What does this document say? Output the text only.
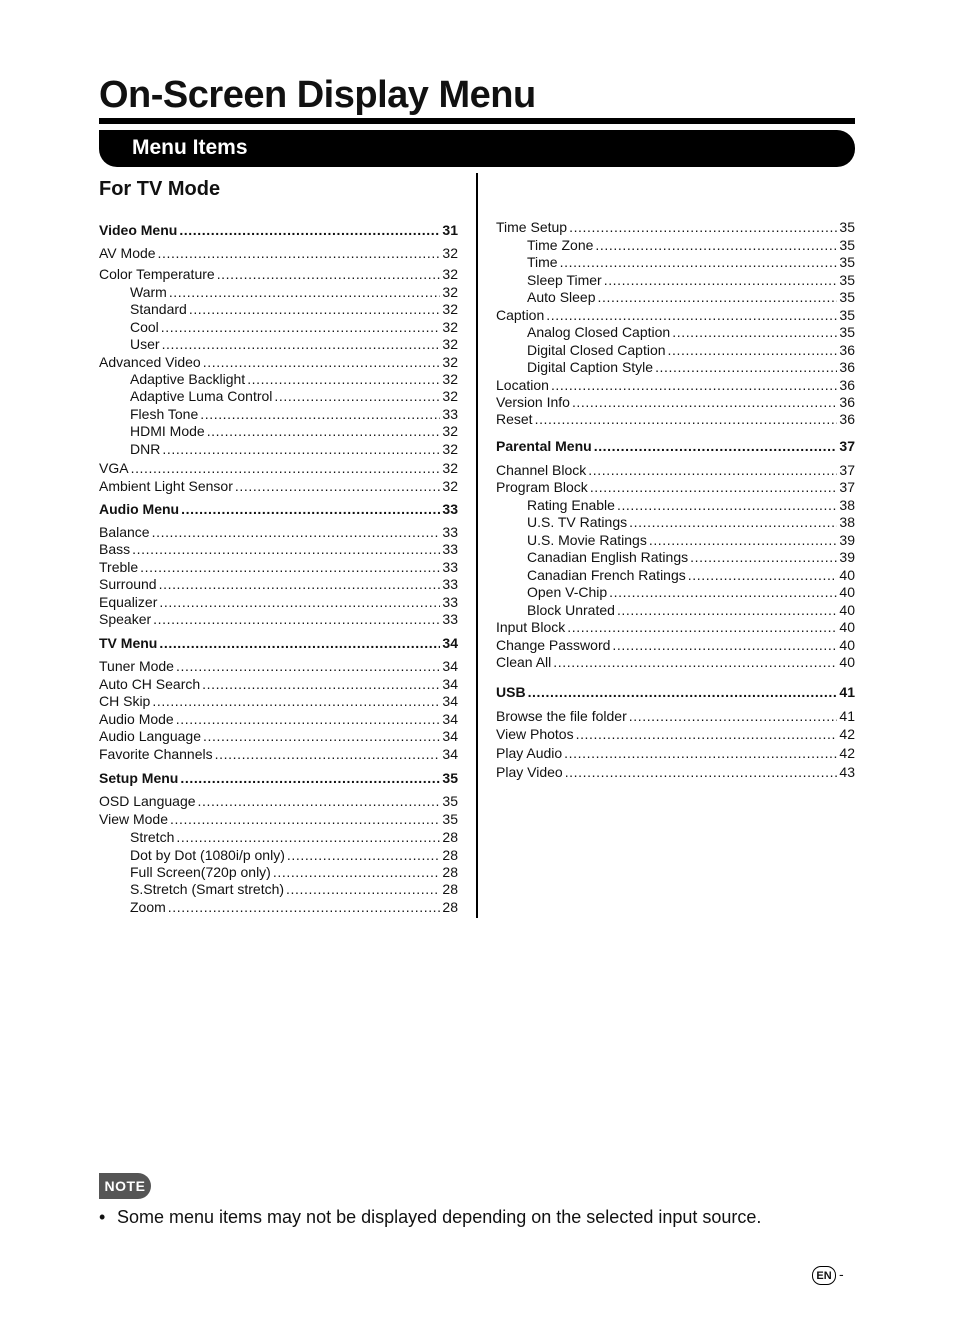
On-Screen Display Menu
Menu Items
For TV Mode
NOTE
• Some menu items may not be displayed depending on the selected input source.
EN -
Video Menu .....	31
AV Mode .....	32
Color Temperature .....	32
Warm .....	32
Standard .....	32
Cool .....	32
User .....	32
Advanced Video .....	32
Adaptive Backlight .....	32
Adaptive Luma Control .....	32
Flesh Tone .....	33
HDMI Mode .....	32
DNR .....	32
VGA .....	32
Ambient Light Sensor .....	32
Audio Menu .....	33
Balance .....	33
Bass .....	33
Treble .....	33
Surround .....	33
Equalizer .....	33
Speaker .....	33
TV Menu .....	34
Tuner Mode .....	34
Auto CH Search .....	34
CH Skip .....	34
Audio Mode .....	34
Audio Language .....	34
Favorite Channels .....	34
Setup Menu .....	35
OSD Language .....	35
View Mode .....	35
Stretch .....	28
Dot by Dot (1080i/p only) .....	28
Full Screen(720p only) .....	28
S.Stretch (Smart stretch) .....	28
Zoom .....	28
Time Setup .....	35
Time Zone .....	35
Time .....	35
Sleep Timer .....	35
Auto Sleep .....	35
Caption .....	35
Analog Closed Caption .....	35
Digital Closed Caption .....	36
Digital Caption Style .....	36
Location .....	36
Version Info .....	36
Reset .....	36
Parental Menu .....	37
Channel Block .....	37
Program Block .....	37
Rating Enable .....	38
U.S. TV Ratings .....	38
U.S. Movie Ratings .....	39
Canadian English Ratings .....	39
Canadian French Ratings .....	40
Open V-Chip .....	40
Block Unrated .....	40
Input Block .....	40
Change Password .....	40
Clean All .....	40
USB .....	41
Browse the file folder .....	41
View Photos .....	42
Play Audio .....	42
Play Video .....	43
